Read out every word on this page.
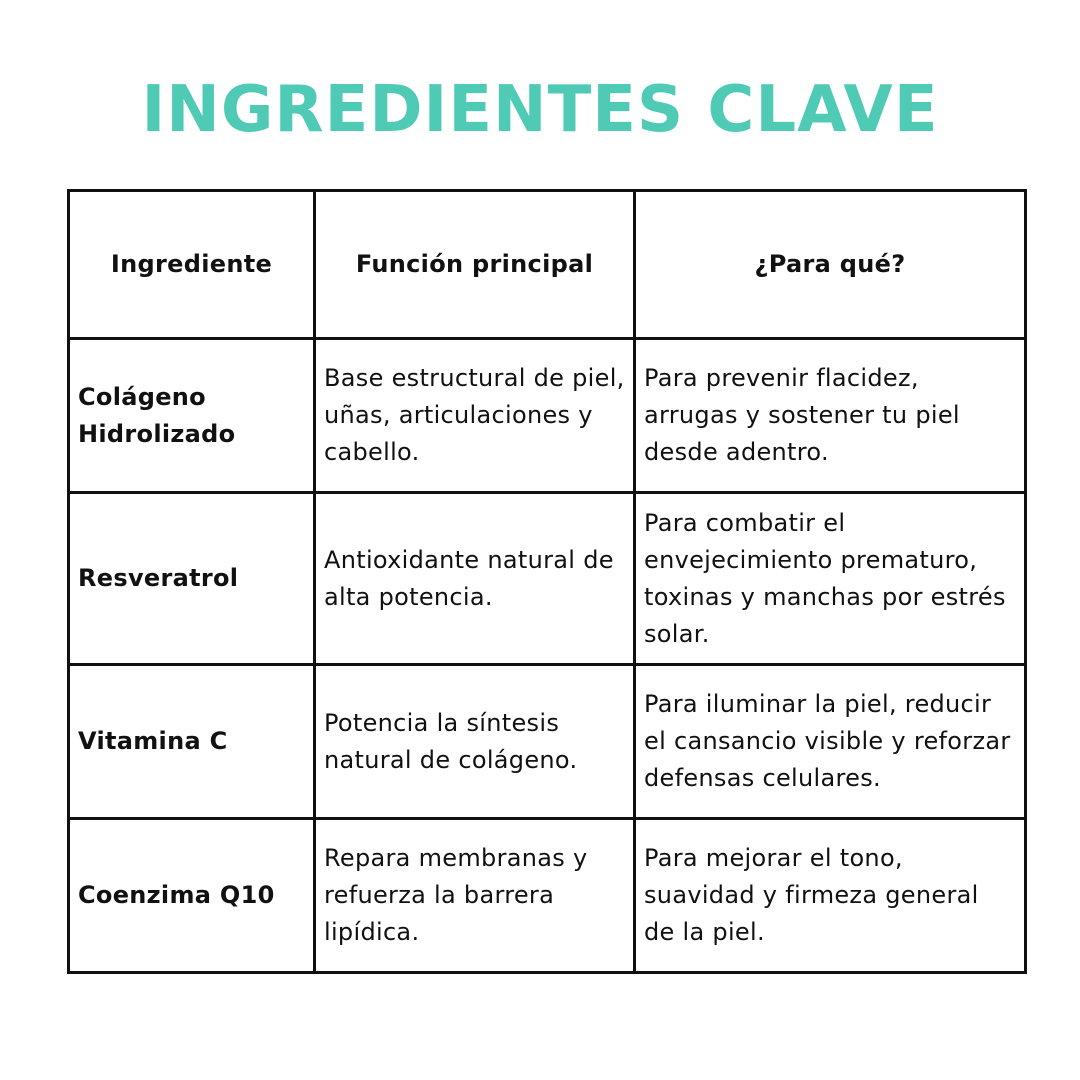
INGREDIENTES CLAVE
Ingrediente	Función principal	¿Para qué?
Colágeno Hidrolizado	Base estructural de piel, uñas, articulaciones y cabello.	Para prevenir flacidez, arrugas y sostener tu piel desde adentro.
Resveratrol	Antioxidante natural de alta potencia.	Para combatir el envejecimiento prematuro, toxinas y manchas por estrés solar.
Vitamina C	Potencia la síntesis natural de colágeno.	Para iluminar la piel, reducir el cansancio visible y reforzar defensas celulares.
Coenzima Q10	Repara membranas y refuerza la barrera lipídica.	Para mejorar el tono, suavidad y firmeza general de la piel.
